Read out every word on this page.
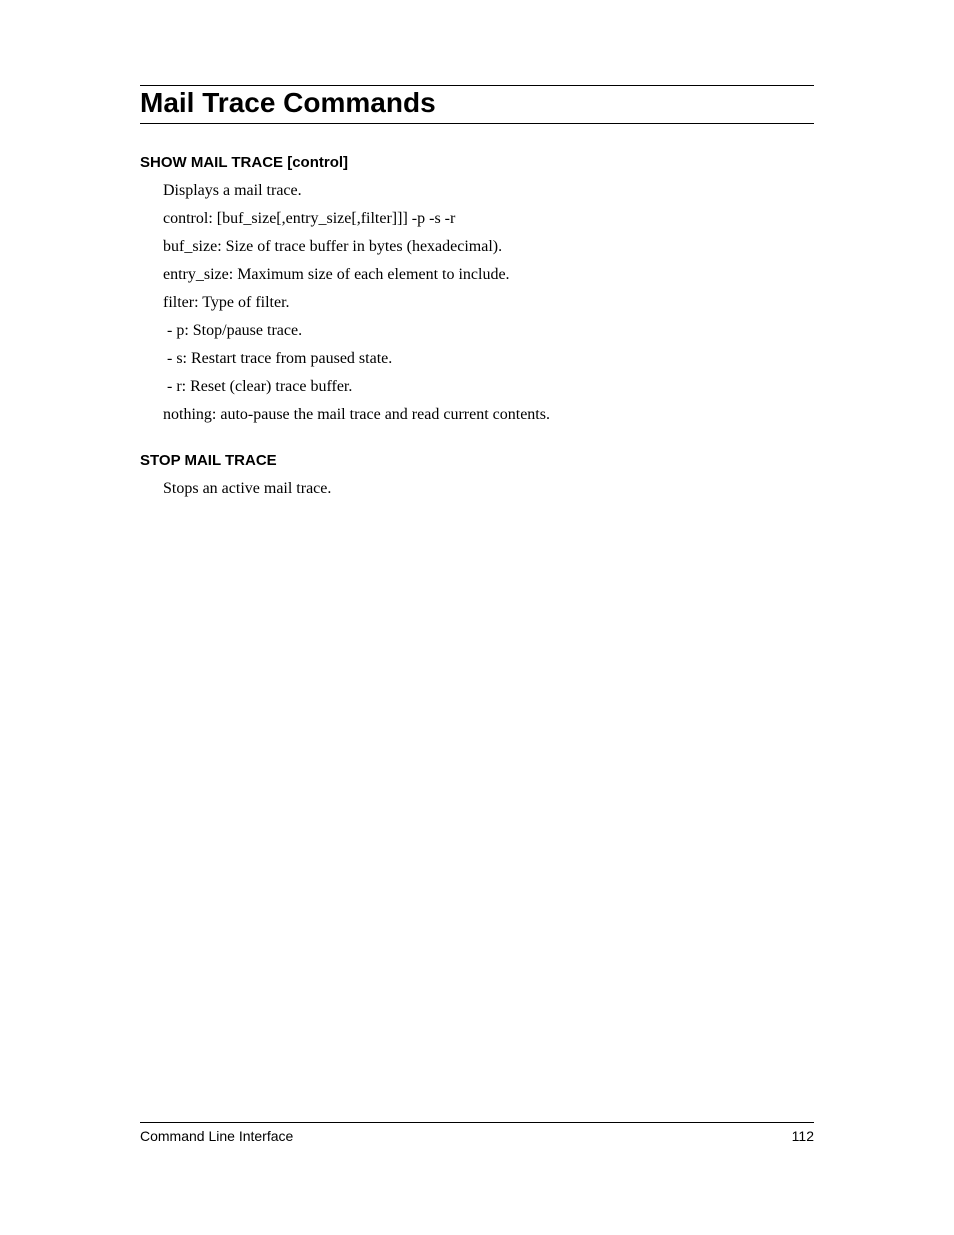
Mail Trace Commands
SHOW MAIL TRACE [control]
Displays a mail trace.
control: [buf_size[,entry_size[,filter]]] -p -s -r
buf_size: Size of trace buffer in bytes (hexadecimal).
entry_size: Maximum size of each element to include.
filter: Type of filter.
- p: Stop/pause trace.
- s: Restart trace from paused state.
- r: Reset (clear) trace buffer.
nothing: auto-pause the mail trace and read current contents.
STOP MAIL TRACE
Stops an active mail trace.
Command Line Interface	112
